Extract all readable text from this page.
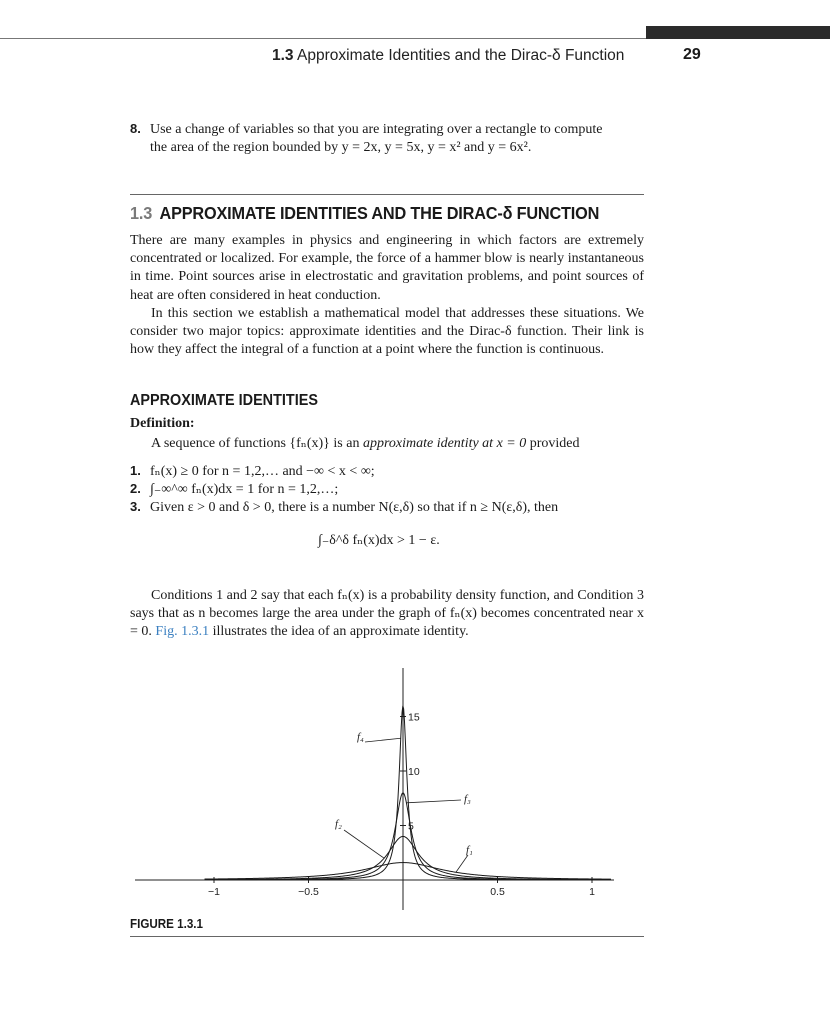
1.3 Approximate Identities and the Dirac-δ Function	29
8. Use a change of variables so that you are integrating over a rectangle to compute
the area of the region bounded by y = 2x, y = 5x, y = x² and y = 6x².
1.3 APPROXIMATE IDENTITIES AND THE DIRAC-δ FUNCTION
There are many examples in physics and engineering in which factors are extremely concentrated or localized. For example, the force of a hammer blow is nearly instantaneous in time. Point sources arise in electrostatic and gravitation problems, and point sources of heat are often considered in heat conduction.
In this section we establish a mathematical model that addresses these situations. We consider two major topics: approximate identities and the Dirac-δ function. Their link is how they affect the integral of a function at a point where the function is continuous.
APPROXIMATE IDENTITIES
Definition:
A sequence of functions {fₙ(x)} is an approximate identity at x = 0 provided
1. fₙ(x) ≥ 0 for n = 1,2,… and −∞ < x < ∞;
2. ∫₋∞^∞ fₙ(x)dx = 1 for n = 1,2,…;
3. Given ε > 0 and δ > 0, there is a number N(ε,δ) so that if n ≥ N(ε,δ), then
∫₋δ^δ fₙ(x)dx > 1 − ε.
Conditions 1 and 2 say that each fₙ(x) is a probability density function, and Condition 3 says that as n becomes large the area under the graph of fₙ(x) becomes concentrated near x = 0. Fig. 1.3.1 illustrates the idea of an approximate identity.
−1	−0.5	0.5	1
5
10
15
f₄
f₃
f₂
f₁
FIGURE 1.3.1
